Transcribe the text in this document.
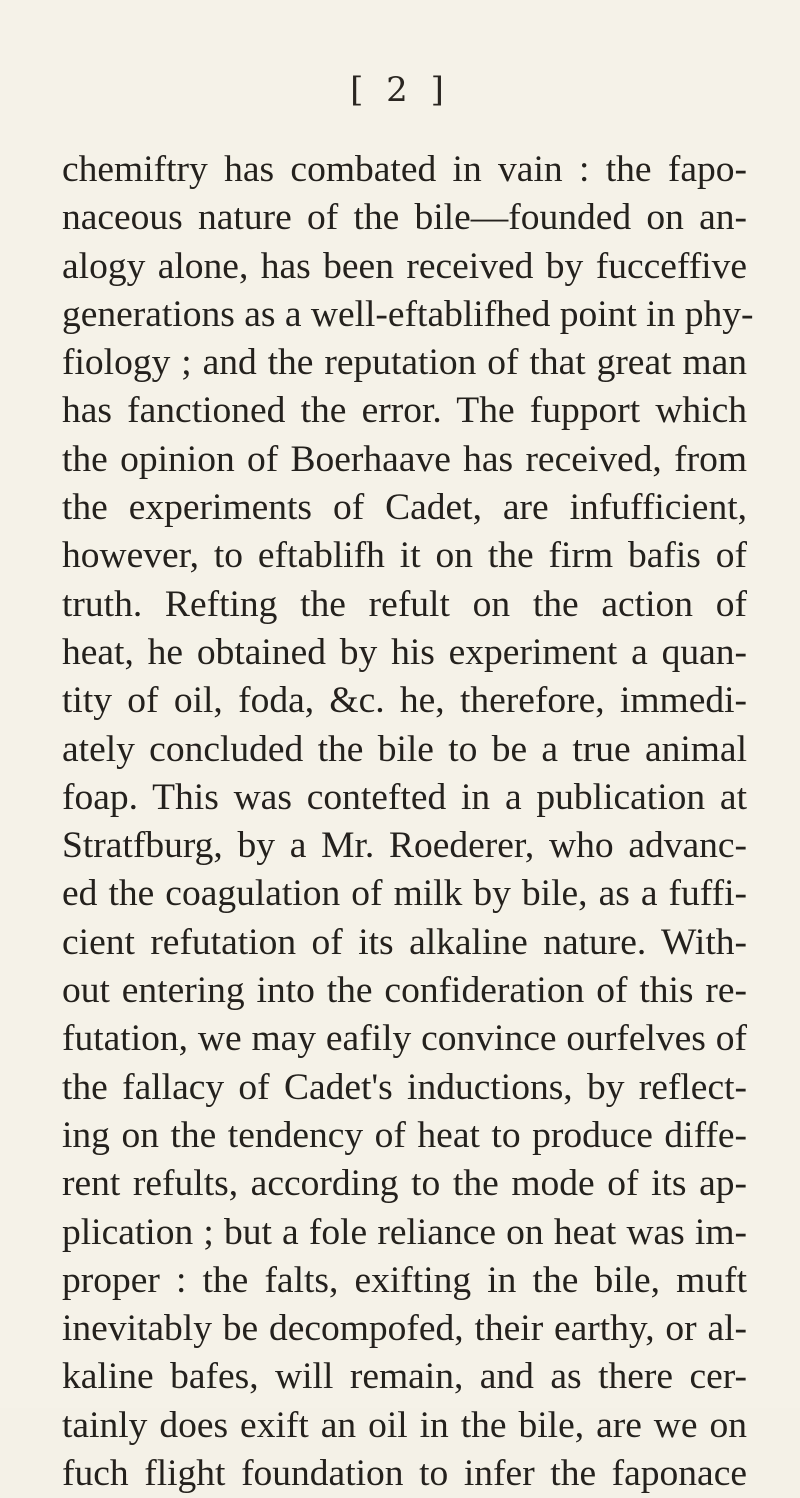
[ 2 ]
chemiftry has combated in vain : the fapo-
naceous nature of the bile—founded on an-
alogy alone, has been received by fucceffive
generations as a well-eftablifhed point in phy-
fiology ; and the reputation of that great man
has fanctioned the error. The fupport which
the opinion of Boerhaave has received, from
the experiments of Cadet, are infufficient,
however, to eftablifh it on the firm bafis of
truth. Refting the refult on the action of
heat, he obtained by his experiment a quan-
tity of oil, foda, &c. he, therefore, immedi-
ately concluded the bile to be a true animal
foap. This was contefted in a publication at
Stratfburg, by a Mr. Roederer, who advanc-
ed the coagulation of milk by bile, as a fuffi-
cient refutation of its alkaline nature. With-
out entering into the confideration of this re-
futation, we may eafily convince ourfelves of
the fallacy of Cadet's inductions, by reflect-
ing on the tendency of heat to produce diffe-
rent refults, according to the mode of its ap-
plication ; but a fole reliance on heat was im-
proper : the falts, exifting in the bile, muft
inevitably be decompofed, their earthy, or al-
kaline bafes, will remain, and as there cer-
tainly does exift an oil in the bile, are we on
fuch flight foundation to infer the faponace
